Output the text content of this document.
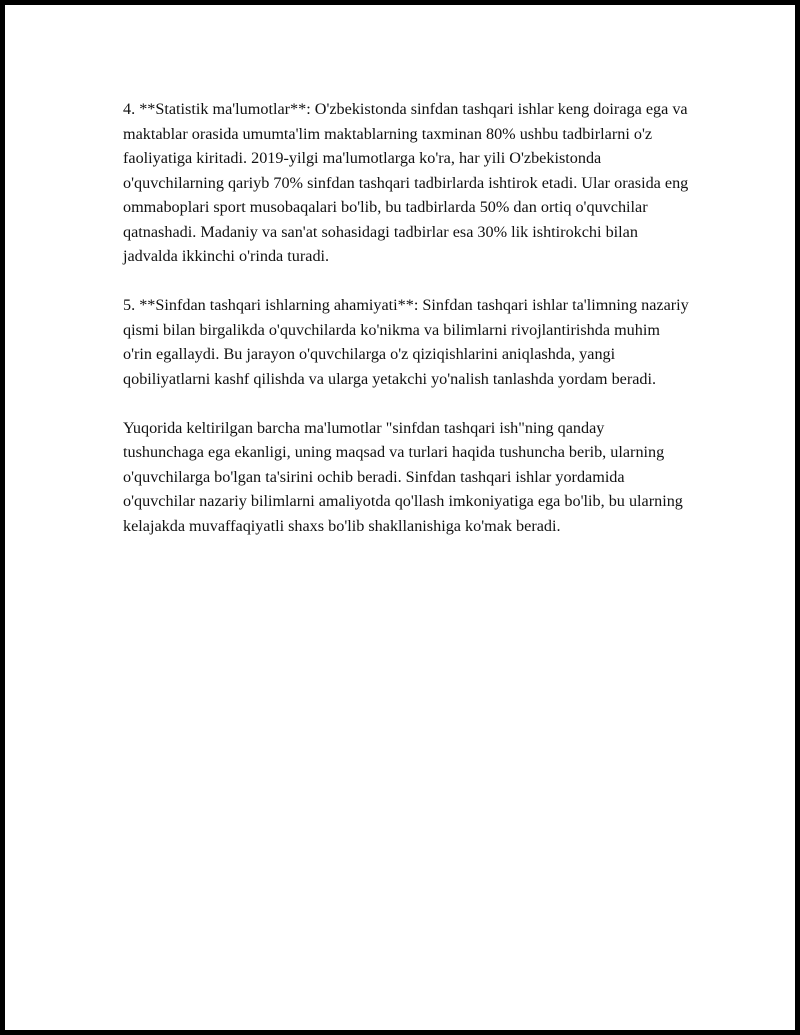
4. **Statistik ma'lumotlar**: O'zbekistonda sinfdan tashqari ishlar keng doiraga ega va maktablar orasida umumta'lim maktablarning taxminan 80% ushbu tadbirlarni o'z faoliyatiga kiritadi. 2019-yilgi ma'lumotlarga ko'ra, har yili O'zbekistonda o'quvchilarning qariyb 70% sinfdan tashqari tadbirlarda ishtirok etadi. Ular orasida eng ommaboplari sport musobaqalari bo'lib, bu tadbirlarda 50% dan ortiq o'quvchilar qatnashadi. Madaniy va san'at sohasidagi tadbirlar esa 30% lik ishtirokchi bilan jadvalda ikkinchi o'rinda turadi.

5. **Sinfdan tashqari ishlarning ahamiyati**: Sinfdan tashqari ishlar ta'limning nazariy qismi bilan birgalikda o'quvchilarda ko'nikma va bilimlarni rivojlantirishda muhim o'rin egallaydi. Bu jarayon o'quvchilarga o'z qiziqishlarini aniqlashda, yangi qobiliyatlarni kashf qilishda va ularga yetakchi yo'nalish tanlashda yordam beradi.

Yuqorida keltirilgan barcha ma'lumotlar "sinfdan tashqari ish"ning qanday tushunchaga ega ekanligi, uning maqsad va turlari haqida tushuncha berib, ularning o'quvchilarga bo'lgan ta'sirini ochib beradi. Sinfdan tashqari ishlar yordamida o'quvchilar nazariy bilimlarni amaliyotda qo'llash imkoniyatiga ega bo'lib, bu ularning kelajakda muvaffaqiyatli shaxs bo'lib shakllanishiga ko'mak beradi.
